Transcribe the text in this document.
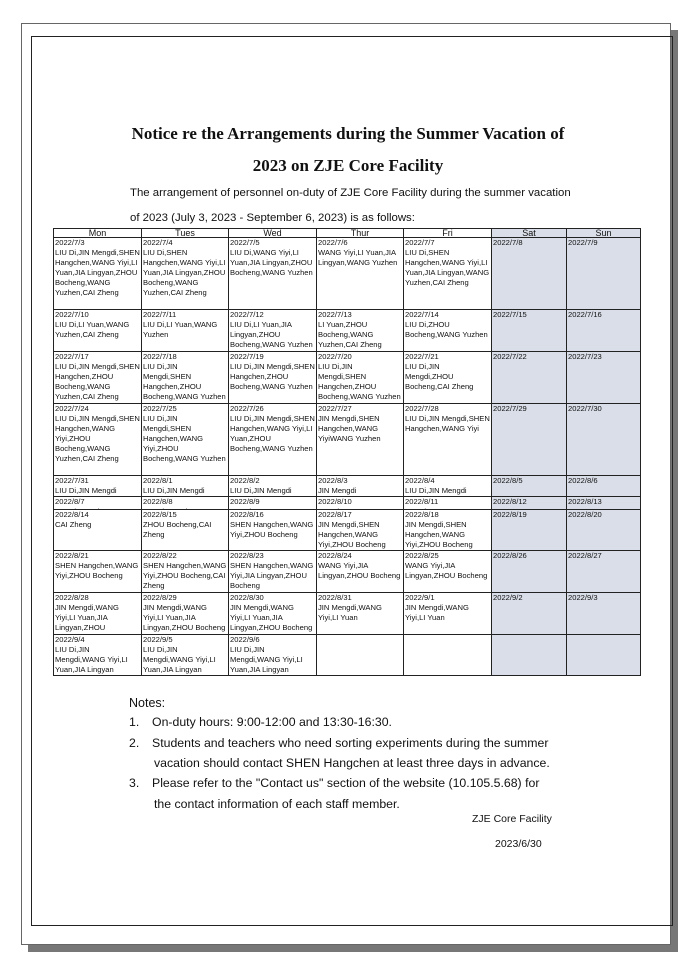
Notice re the Arrangements during the Summer Vacation of
2023 on ZJE Core Facility
The arrangement of personnel on-duty of ZJE Core Facility during the summer vacation
of 2023 (July 3, 2023 - September 6, 2023) is as follows:
Mon	Tues	Wed	Thur	Fri	Sat	Sun

2022/7/3
LIU Di,JIN Mengdi,SHEN Hangchen,WANG Yiyi,LI Yuan,JIA Lingyan,ZHOU Bocheng,WANG Yuzhen,CAI Zheng	2022/7/4
LIU Di,SHEN Hangchen,WANG Yiyi,LI Yuan,JIA Lingyan,ZHOU Bocheng,WANG Yuzhen,CAI Zheng	2022/7/5
LIU Di,WANG Yiyi,LI Yuan,JIA Lingyan,ZHOU Bocheng,WANG Yuzhen	2022/7/6
WANG Yiyi,LI Yuan,JIA Lingyan,WANG Yuzhen	2022/7/7
LIU Di,SHEN Hangchen,WANG Yiyi,LI Yuan,JIA Lingyan,WANG Yuzhen,CAI Zheng	2022/7/8	2022/7/9

2022/7/10
LIU Di,LI Yuan,WANG Yuzhen,CAI Zheng	2022/7/11
LIU Di,LI Yuan,WANG Yuzhen	2022/7/12
LIU Di,LI Yuan,JIA Lingyan,ZHOU Bocheng,WANG Yuzhen	2022/7/13
LI Yuan,ZHOU Bocheng,WANG Yuzhen,CAI Zheng	2022/7/14
LIU Di,ZHOU Bocheng,WANG Yuzhen	2022/7/15	2022/7/16

2022/7/17
LIU Di,JIN Mengdi,SHEN Hangchen,ZHOU Bocheng,WANG Yuzhen,CAI Zheng	2022/7/18
LIU Di,JIN Mengdi,SHEN Hangchen,ZHOU Bocheng,WANG Yuzhen	2022/7/19
LIU Di,JIN Mengdi,SHEN Hangchen,ZHOU Bocheng,WANG Yuzhen	2022/7/20
LIU Di,JIN Mengdi,SHEN Hangchen,ZHOU Bocheng,WANG Yuzhen	2022/7/21
LIU Di,JIN Mengdi,ZHOU Bocheng,CAI Zheng	2022/7/22	2022/7/23

2022/7/24
LIU Di,JIN Mengdi,SHEN Hangchen,WANG Yiyi,ZHOU Bocheng,WANG Yuzhen,CAI Zheng	2022/7/25
LIU Di,JIN Mengdi,SHEN Hangchen,WANG Yiyi,ZHOU Bocheng,WANG Yuzhen	2022/7/26
LIU Di,JIN Mengdi,SHEN Hangchen,WANG Yiyi,LI Yuan,ZHOU Bocheng,WANG Yuzhen	2022/7/27
JIN Mengdi,SHEN Hangchen,WANG YiyiWANG Yuzhen	2022/7/28
LIU Di,JIN Mengdi,SHEN Hangchen,WANG Yiyi	2022/7/29	2022/7/30

2022/7/31
LIU Di,JIN Mengdi	2022/8/1
LIU Di,JIN Mengdi	2022/8/2
LIU Di,JIN Mengdi	2022/8/3
JIN Mengdi	2022/8/4
LIU Di,JIN Mengdi	2022/8/5	2022/8/6

2022/8/7	2022/8/8	2022/8/9	2022/8/10	2022/8/11	2022/8/12	2022/8/13

2022/8/14
CAI Zheng	2022/8/15
ZHOU Bocheng,CAI Zheng	2022/8/16
SHEN Hangchen,WANG Yiyi,ZHOU Bocheng	2022/8/17
JIN Mengdi,SHEN Hangchen,WANG Yiyi,ZHOU Bocheng	2022/8/18
JIN Mengdi,SHEN Hangchen,WANG Yiyi,ZHOU Bocheng	2022/8/19	2022/8/20

2022/8/21
SHEN Hangchen,WANG Yiyi,ZHOU Bocheng	2022/8/22
SHEN Hangchen,WANG Yiyi,ZHOU Bocheng,CAI Zheng	2022/8/23
SHEN Hangchen,WANG Yiyi,JIA Lingyan,ZHOU Bocheng	2022/8/24
WANG Yiyi,JIA Lingyan,ZHOU Bocheng	2022/8/25
WANG Yiyi,JIA Lingyan,ZHOU Bocheng	2022/8/26	2022/8/27

2022/8/28
JIN Mengdi,WANG Yiyi,LI Yuan,JIA Lingyan,ZHOU	2022/8/29
JIN Mengdi,WANG Yiyi,LI Yuan,JIA Lingyan,ZHOU Bocheng	2022/8/30
JIN Mengdi,WANG Yiyi,LI Yuan,JIA Lingyan,ZHOU Bocheng	2022/8/31
JIN Mengdi,WANG Yiyi,LI Yuan	2022/9/1
JIN Mengdi,WANG Yiyi,LI Yuan	2022/9/2	2022/9/3

2022/9/4
LIU Di,JIN Mengdi,WANG Yiyi,LI Yuan,JIA Lingyan	2022/9/5
LIU Di,JIN Mengdi,WANG Yiyi,LI Yuan,JIA Lingyan	2022/9/6
LIU Di,JIN Mengdi,WANG Yiyi,LI Yuan,JIA Lingyan				

Notes:
1. On-duty hours: 9:00-12:00 and 13:30-16:30.
2. Students and teachers who need sorting experiments during the summer
vacation should contact SHEN Hangchen at least three days in advance.
3. Please refer to the "Contact us" section of the website (10.105.5.68) for
the contact information of each staff member.
ZJE Core Facility
2023/6/30
